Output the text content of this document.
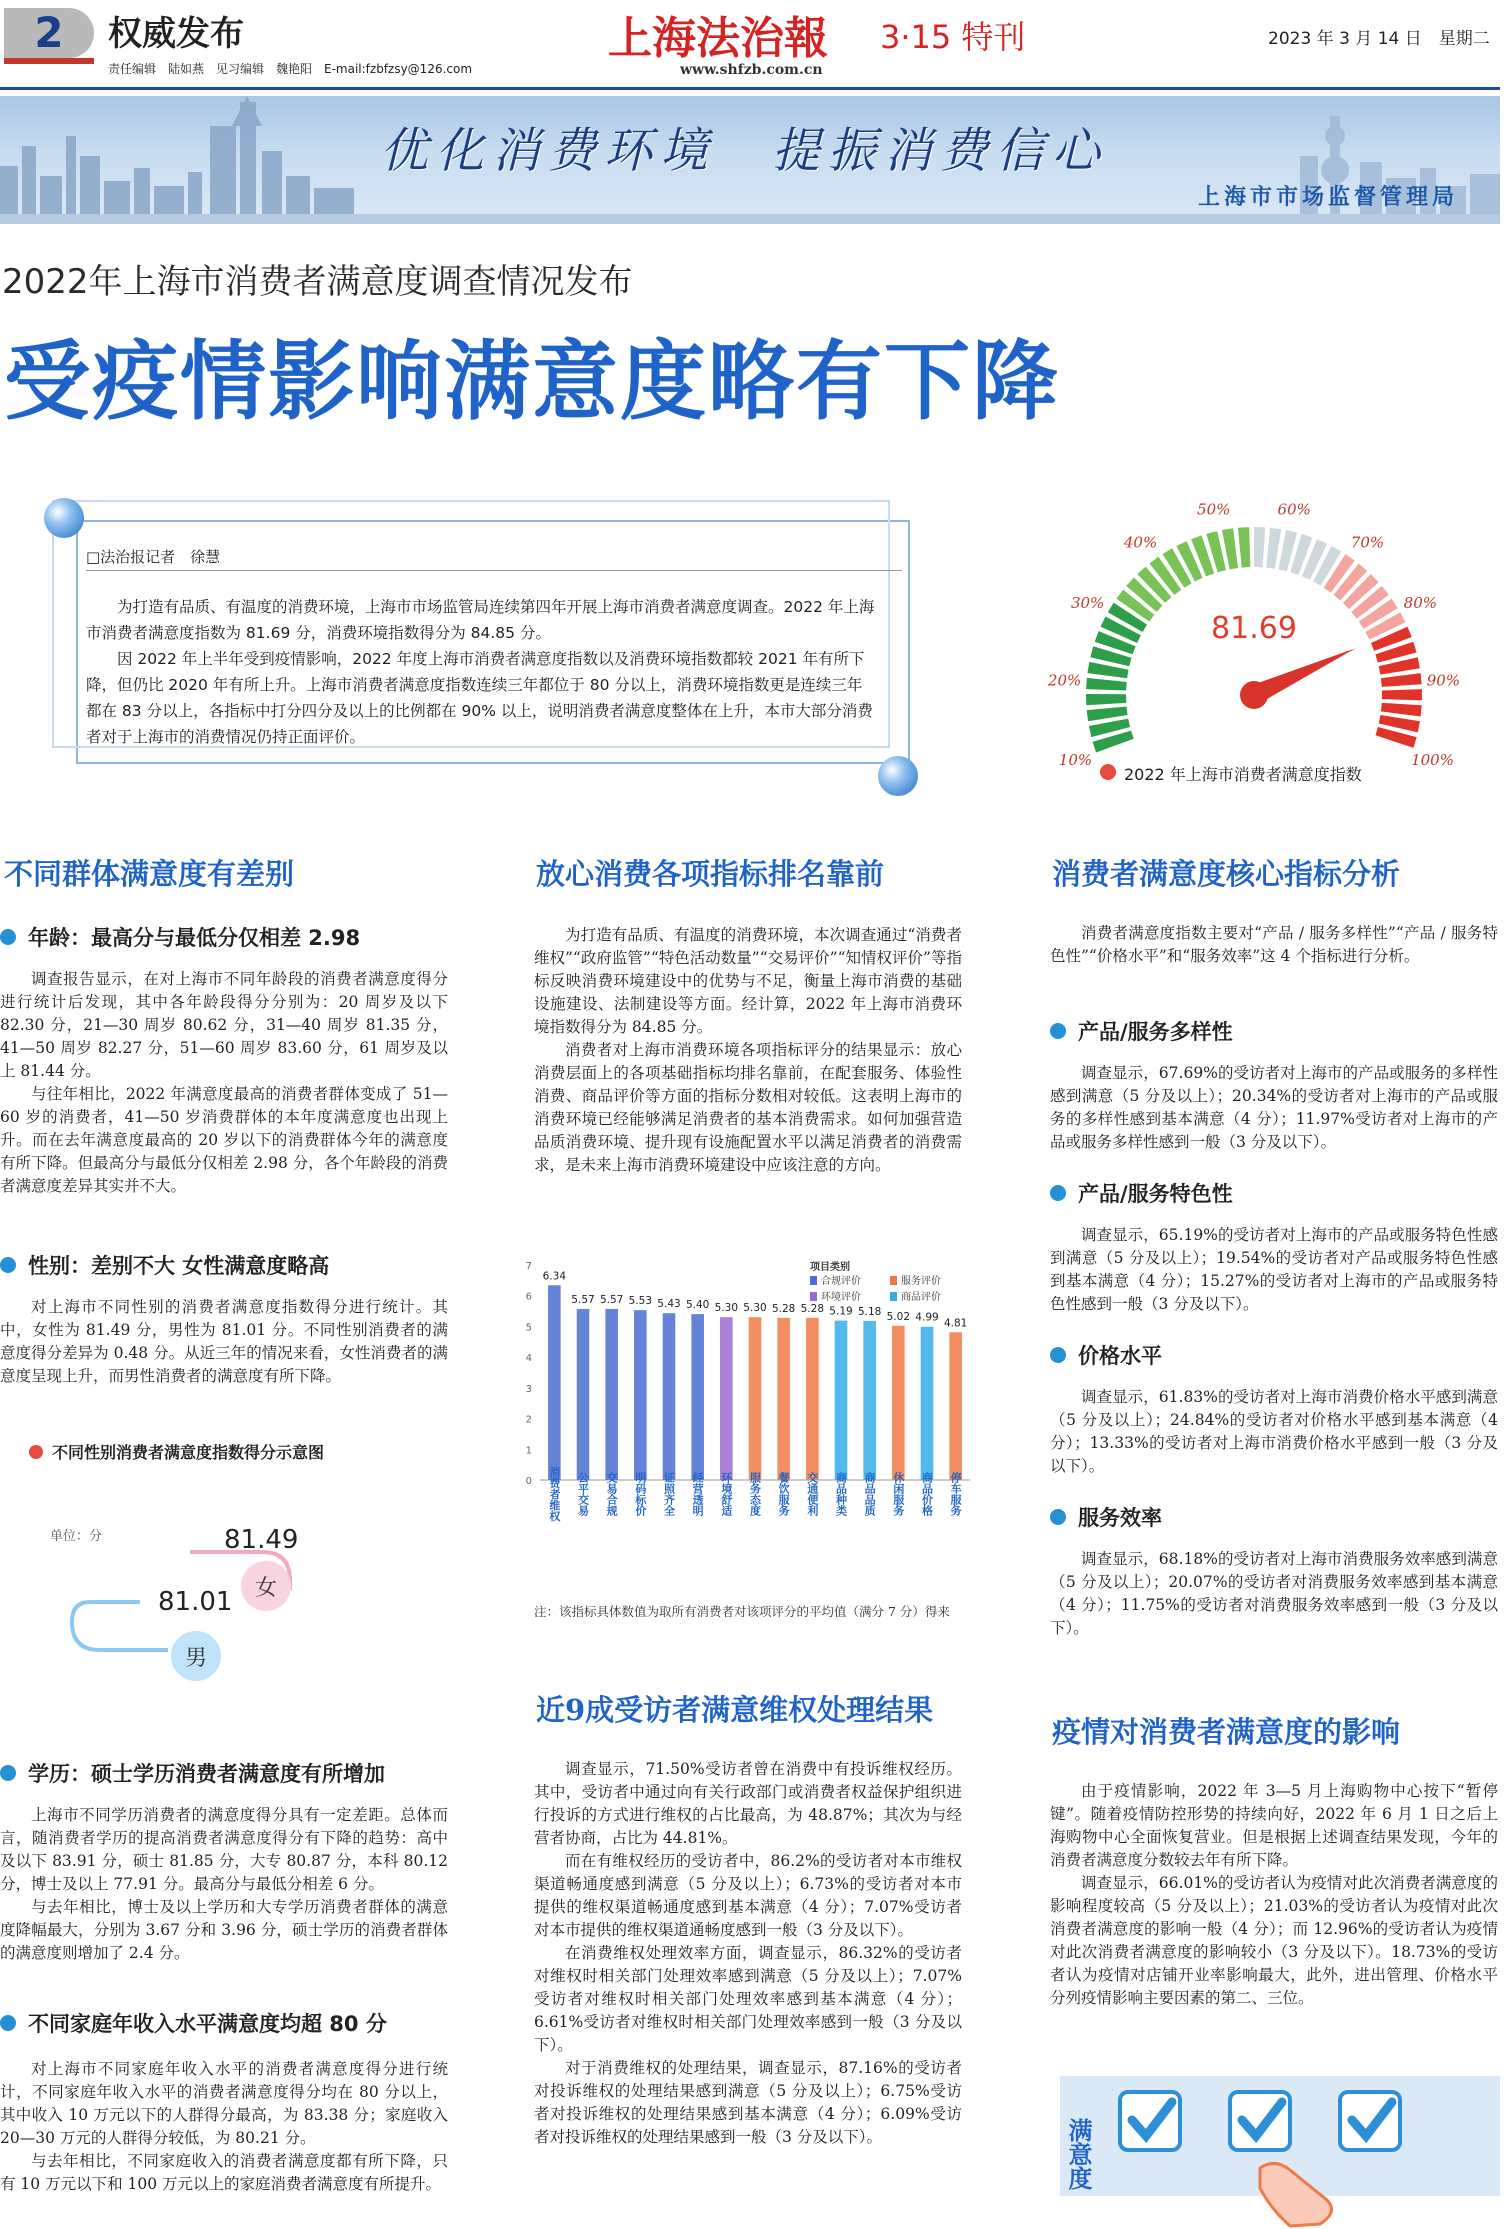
2	权威发布
责任编辑　陆如燕　见习编辑　魏艳阳　E-mail:fzbfzsy@126.com
上海法治報 3·15 特刊
www.shfzb.com.cn
2023 年 3 月 14 日　星期二
优化消费环境　提振消费信心
上海市市场监督管理局
2022年上海市消费者满意度调查情况发布
受疫情影响满意度略有下降
□法治报记者　徐慧

为打造有品质、有温度的消费环境，上海市市场监管局连续第四年开展上海市消费者满意度调查。2022 年上海市消费者满意度指数为 81.69 分，消费环境指数得分为 84.85 分。

因 2022 年上半年受到疫情影响，2022 年度上海市消费者满意度指数以及消费环境指数都较 2021 年有所下降，但仍比 2020 年有所上升。上海市消费者满意度指数连续三年都位于 80 分以上，消费环境指数更是连续三年都在 83 分以上，各指标中打分四分及以上的比例都在 90% 以上，说明消费者满意度整体在上升，本市大部分消费者对于上海市的消费情况仍持正面评价。

10%
20%
30%
40%
50%	60%
70%
80%
90%
100%
81.69
2022 年上海市消费者满意度指数
不同群体满意度有差别
年龄：最高分与最低分仅相差 2.98

调查报告显示，在对上海市不同年龄段的消费者满意度得分进行统计后发现，其中各年龄段得分分别为：20 周岁及以下 82.30 分，21—30 周岁 80.62 分，31—40 周岁 81.35 分，41—50 周岁 82.27 分，51—60 周岁 83.60 分，61 周岁及以上 81.44 分。

与往年相比，2022 年满意度最高的消费者群体变成了 51—60 岁的消费者，41—50 岁消费群体的本年度满意度也出现上升。而在去年满意度最高的 20 岁以下的消费群体今年的满意度有所下降。但最高分与最低分仅相差 2.98 分，各个年龄段的消费者满意度差异其实并不大。

性别：差别不大 女性满意度略高

对上海市不同性别的消费者满意度指数得分进行统计。其中，女性为 81.49 分，男性为 81.01 分。不同性别消费者的满意度得分差异为 0.48 分。从近三年的情况来看，女性消费者的满意度呈现上升，而男性消费者的满意度有所下降。

不同性别消费者满意度指数得分示意图
单位：分	81.49
女
81.01
男
学历：硕士学历消费者满意度有所增加

上海市不同学历消费者的满意度得分具有一定差距。总体而言，随消费者学历的提高消费者满意度得分有下降的趋势：高中及以下 83.91 分，硕士 81.85 分，大专 80.87 分，本科 80.12 分，博士及以上 77.91 分。最高分与最低分相差 6 分。

与去年相比，博士及以上学历和大专学历消费者群体的满意度降幅最大，分别为 3.67 分和 3.96 分，硕士学历的消费者群体的满意度则增加了 2.4 分。

不同家庭年收入水平满意度均超 80 分

对上海市不同家庭年收入水平的消费者满意度得分进行统计，不同家庭年收入水平的消费者满意度得分均在 80 分以上，其中收入 10 万元以下的人群得分最高，为 83.38 分；家庭收入 20—30 万元的人群得分较低，为 80.21 分。

与去年相比，不同家庭收入的消费者满意度都有所下降，只有 10 万元以下和 100 万元以上的家庭消费者满意度有所提升。

放心消费各项指标排名靠前

为打造有品质、有温度的消费环境，本次调查通过“消费者维权”“政府监管”“特色活动数量”“交易评价”“知情权评价”等指标反映消费环境建设中的优势与不足，衡量上海市消费的基础设施建设、法制建设等方面。经计算，2022 年上海市消费环境指数得分为 84.85 分。

消费者对上海市消费环境各项指标评分的结果显示：放心消费层面上的各项基础指标均排名靠前，在配套服务、体验性消费、商品评价等方面的指标分数相对较低。这表明上海市的消费环境已经能够满足消费者的基本消费需求。如何加强营造品质消费环境、提升现有设施配置水平以满足消费者的消费需求，是未来上海市消费环境建设中应该注意的方向。

0
1
2
3
4
5
6
7
6.34
消费者维权
5.57
公平交易
5.57
交易合规
5.53
明码标价
5.43
证照齐全
5.40
经营透明
5.30
环境舒适
5.30
服务态度
5.28
餐饮服务
5.28
交通便利
5.19
商品种类
5.18
商品品质
5.02
休闲服务
4.99
商品价格
4.81
停车服务
项目类别
合规评价	服务评价
环境评价	商品评价
注：该指标具体数值为取所有消费者对该项评分的平均值（满分 7 分）得来
近9成受访者满意维权处理结果

调查显示，71.50%受访者曾在消费中有投诉维权经历。其中，受访者中通过向有关行政部门或消费者权益保护组织进行投诉的方式进行维权的占比最高，为 48.87%；其次为与经营者协商，占比为 44.81%。

而在有维权经历的受访者中，86.2%的受访者对本市维权渠道畅通度感到满意（5 分及以上）；6.73%的受访者对本市提供的维权渠道畅通度感到基本满意（4 分）；7.07%受访者对本市提供的维权渠道通畅度感到一般（3 分及以下）。

在消费维权处理效率方面，调查显示，86.32%的受访者对维权时相关部门处理效率感到满意（5 分及以上）；7.07%受访者对维权时相关部门处理效率感到基本满意（4 分）；6.61%受访者对维权时相关部门处理效率感到一般（3 分及以下）。

对于消费维权的处理结果，调查显示，87.16%的受访者对投诉维权的处理结果感到满意（5 分及以上）；6.75%受访者对投诉维权的处理结果感到基本满意（4 分）；6.09%受访者对投诉维权的处理结果感到一般（3 分及以下）。

消费者满意度核心指标分析

消费者满意度指数主要对“产品 / 服务多样性”“产品 / 服务特色性”“价格水平”和“服务效率”这 4 个指标进行分析。

产品/服务多样性

调查显示，67.69%的受访者对上海市的产品或服务的多样性感到满意（5 分及以上）；20.34%的受访者对上海市的产品或服务的多样性感到基本满意（4 分）；11.97%受访者对上海市的产品或服务多样性感到一般（3 分及以下）。

产品/服务特色性

调查显示，65.19%的受访者对上海市的产品或服务特色性感到满意（5 分及以上）；19.54%的受访者对产品或服务特色性感到基本满意（4 分）；15.27%的受访者对上海市的产品或服务特色性感到一般（3 分及以下）。

价格水平

调查显示，61.83%的受访者对上海市消费价格水平感到满意（5 分及以上）；24.84%的受访者对价格水平感到基本满意（4 分）；13.33%的受访者对上海市消费价格水平感到一般（3 分及以下）。

服务效率

调查显示，68.18%的受访者对上海市消费服务效率感到满意（5 分及以上）；20.07%的受访者对消费服务效率感到基本满意（4 分）；11.75%的受访者对消费服务效率感到一般（3 分及以下）。

疫情对消费者满意度的影响

由于疫情影响，2022 年 3—5 月上海购物中心按下“暂停键”。随着疫情防控形势的持续向好，2022 年 6 月 1 日之后上海购物中心全面恢复营业。但是根据上述调查结果发现，今年的消费者满意度分数较去年有所下降。

调查显示，66.01%的受访者认为疫情对此次消费者满意度的影响程度较高（5 分及以上）；21.03%的受访者认为疫情对此次消费者满意度的影响一般（4 分）；而 12.96%的受访者认为疫情对此次消费者满意度的影响较小（3 分及以下）。18.73%的受访者认为疫情对店铺开业率影响最大，此外，进出管理、价格水平分列疫情影响主要因素的第二、三位。

满意度
